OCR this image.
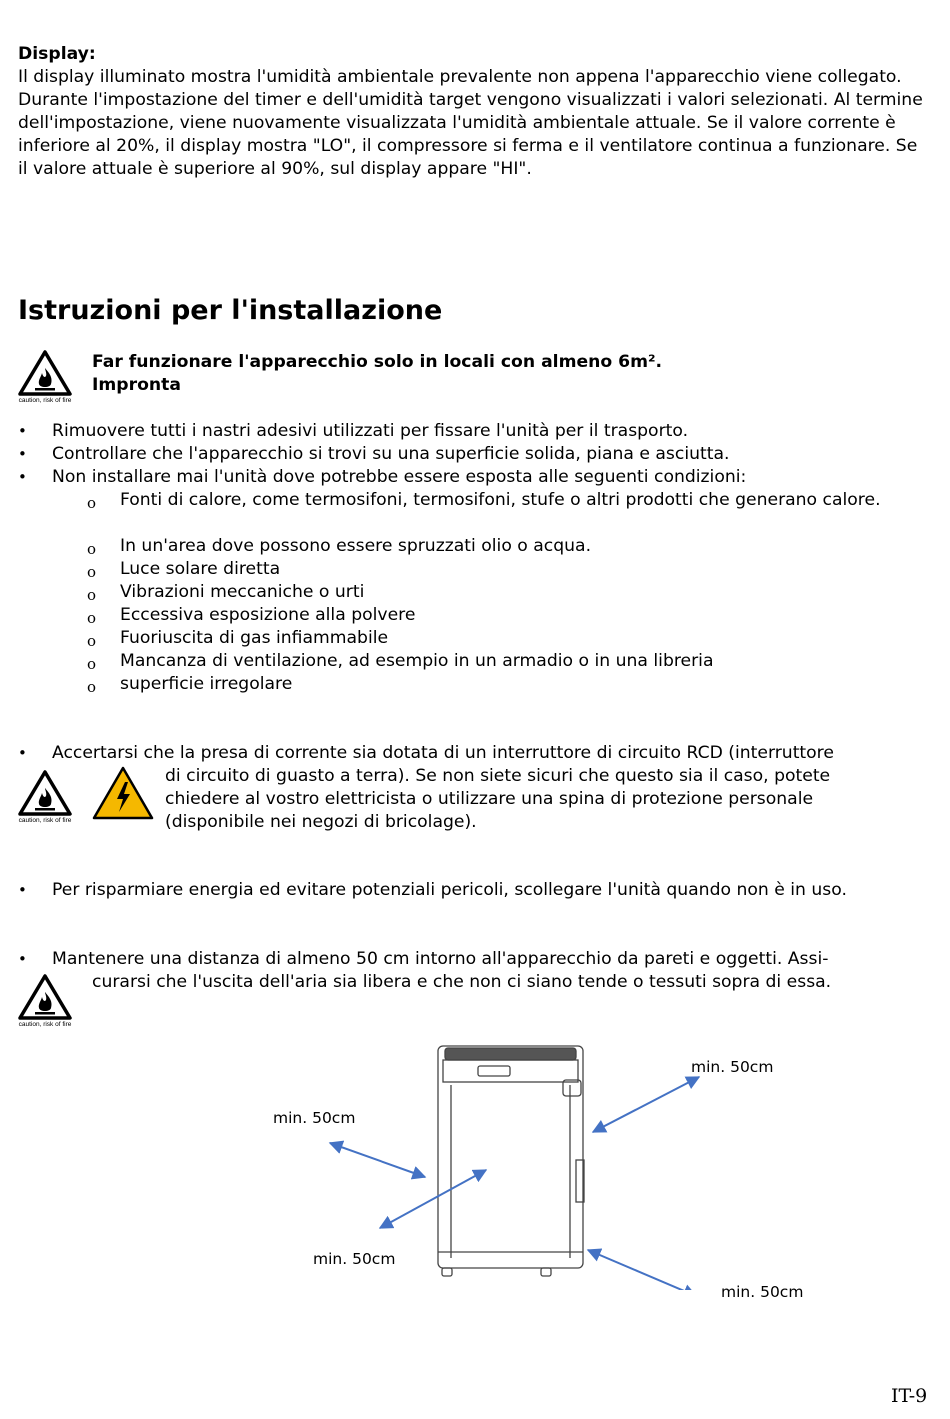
Display:

Il display illuminato mostra l'umidità ambientale prevalente non appena l'apparecchio viene collegato. Durante l'impostazione del timer e dell'umidità target vengono visualizzati i valori selezionati. Al termine dell'impostazione, viene nuovamente visualizzata l'umidità ambientale attuale. Se il valore corrente è inferiore al 20%, il display mostra "LO", il compressore si ferma e il ventilatore continua a funzionare. Se il valore attuale è superiore al 90%, sul display appare "HI".

Istruzioni per l'installazione
caution, risk of fire
Far funzionare l'apparecchio solo in locali con almeno 6m².
Impronta
• Rimuovere tutti i nastri adesivi utilizzati per fissare l'unità per il trasporto.

• Controllare che l'apparecchio si trovi su una superficie solida, piana e asciutta.

• Non installare mai l'unità dove potrebbe essere esposta alle seguenti condizioni:

o Fonti di calore, come termosifoni, termosifoni, stufe o altri prodotti che generano calore.

o In un'area dove possono essere spruzzati olio o acqua.

o Luce solare diretta

o Vibrazioni meccaniche o urti

o Eccessiva esposizione alla polvere

o Fuoriuscita di gas infiammabile

o Mancanza di ventilazione, ad esempio in un armadio o in una libreria

o superficie irregolare

• Accertarsi che la presa di corrente sia dotata di un interruttore di circuito RCD (interruttore

di circuito di guasto a terra). Se non siete sicuri che questo sia il caso, potete chiedere al vostro elettricista o utilizzare una spina di protezione personale (disponibile nei negozi di bricolage).

caution, risk of fire
• Per risparmiare energia ed evitare potenziali pericoli, scollegare l'unità quando non è in uso.

• Mantenere una distanza di almeno 50 cm intorno all'apparecchio da pareti e oggetti. Assi-

curarsi che l'uscita dell'aria sia libera e che non ci siano tende o tessuti sopra di essa.

caution, risk of fire
min. 50cm
min. 50cm
min. 50cm
min. 50cm
IT-9
